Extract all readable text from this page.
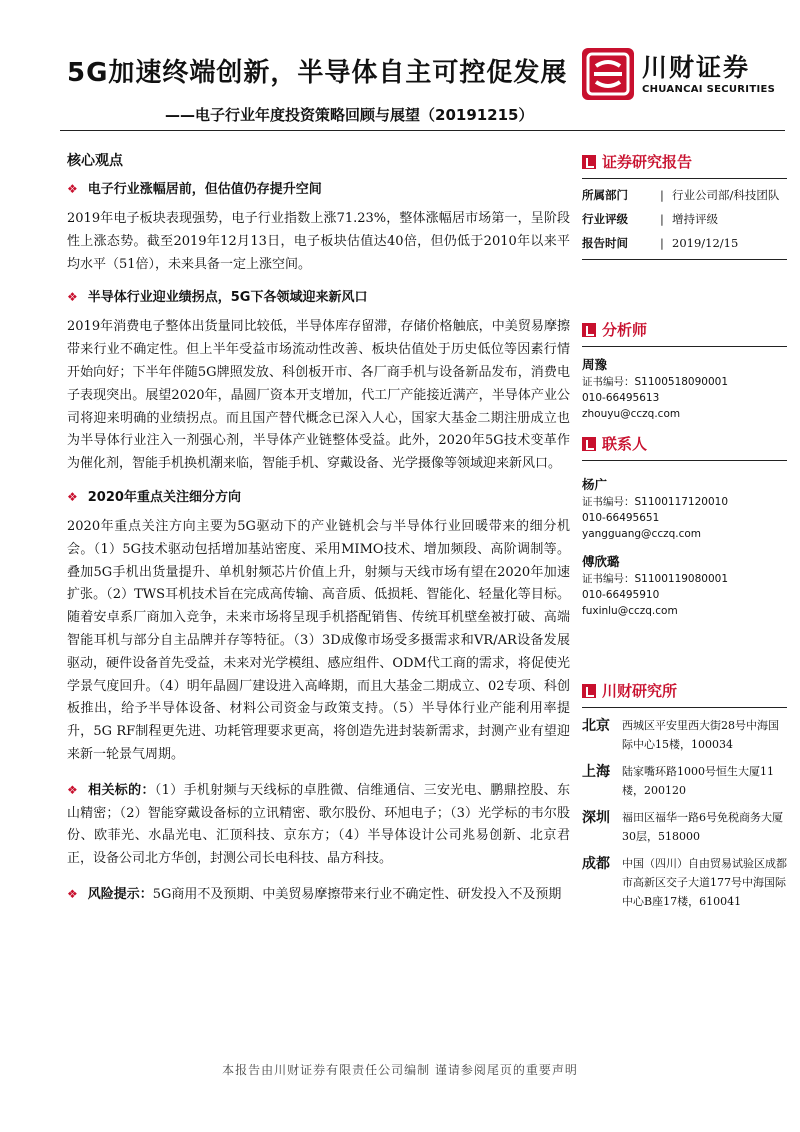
5G加速终端创新，半导体自主可控促发展
——电子行业年度投资策略回顾与展望（20191215）
川财证券
CHUANCAI SECURITIES
核心观点
❖ 电子行业涨幅居前，但估值仍存提升空间
2019年电子板块表现强势，电子行业指数上涨71.23%，整体涨幅居市场第一，呈阶段性上涨态势。截至2019年12月13日，电子板块估值达40倍，但仍低于2010年以来平均水平（51倍），未来具备一定上涨空间。
❖ 半导体行业迎业绩拐点，5G下各领域迎来新风口
2019年消费电子整体出货量同比较低，半导体库存留滞，存储价格触底，中美贸易摩擦带来行业不确定性。但上半年受益市场流动性改善、板块估值处于历史低位等因素行情开始向好；下半年伴随5G牌照发放、科创板开市、各厂商手机与设备新品发布，消费电子表现突出。展望2020年，晶圆厂资本开支增加，代工厂产能接近满产，半导体产业公司将迎来明确的业绩拐点。而且国产替代概念已深入人心，国家大基金二期注册成立也为半导体行业注入一剂强心剂，半导体产业链整体受益。此外，2020年5G技术变革作为催化剂，智能手机换机潮来临，智能手机、穿戴设备、光学摄像等领域迎来新风口。
❖ 2020年重点关注细分方向
2020年重点关注方向主要为5G驱动下的产业链机会与半导体行业回暖带来的细分机会。（1）5G技术驱动包括增加基站密度、采用MIMO技术、增加频段、高阶调制等。叠加5G手机出货量提升、单机射频芯片价值上升，射频与天线市场有望在2020年加速扩张。（2）TWS耳机技术旨在完成高传输、高音质、低损耗、智能化、轻量化等目标。随着安卓系厂商加入竞争，未来市场将呈现手机搭配销售、传统耳机壁垒被打破、高端智能耳机与部分自主品牌并存等特征。（3）3D成像市场受多摄需求和VR/AR设备发展驱动，硬件设备首先受益，未来对光学模组、感应组件、ODM代工商的需求，将促使光学景气度回升。（4）明年晶圆厂建设进入高峰期，而且大基金二期成立、02专项、科创板推出，给予半导体设备、材料公司资金与政策支持。（5）半导体行业产能利用率提升，5G RF制程更先进、功耗管理要求更高，将创造先进封装新需求，封测产业有望迎来新一轮景气周期。
❖ 相关标的：（1）手机射频与天线标的卓胜微、信维通信、三安光电、鹏鼎控股、东山精密；（2）智能穿戴设备标的立讯精密、歌尔股份、环旭电子；（3）光学标的韦尔股份、欧菲光、水晶光电、汇顶科技、京东方；（4）半导体设计公司兆易创新、北京君正，设备公司北方华创，封测公司长电科技、晶方科技。
❖ 风险提示：5G商用不及预期、中美贸易摩擦带来行业不确定性、研发投入不及预期
证券研究报告
所属部门	| 行业公司部/科技团队
行业评级	| 增持评级
报告时间	| 2019/12/15
分析师
周豫
证书编号：S1100518090001
010-66495613
zhouyu@cczq.com
联系人
杨广
证书编号：S1100117120010
010-66495651
yangguang@cczq.com
傅欣璐
证书编号：S1100119080001
010-66495910
fuxinlu@cczq.com
川财研究所
北京	西城区平安里西大街28号中海国际中心15楼，100034
上海	陆家嘴环路1000号恒生大厦11楼，200120
深圳	福田区福华一路6号免税商务大厦30层，518000
成都	中国（四川）自由贸易试验区成都市高新区交子大道177号中海国际中心B座17楼，610041
本报告由川财证券有限责任公司编制 谨请参阅尾页的重要声明
